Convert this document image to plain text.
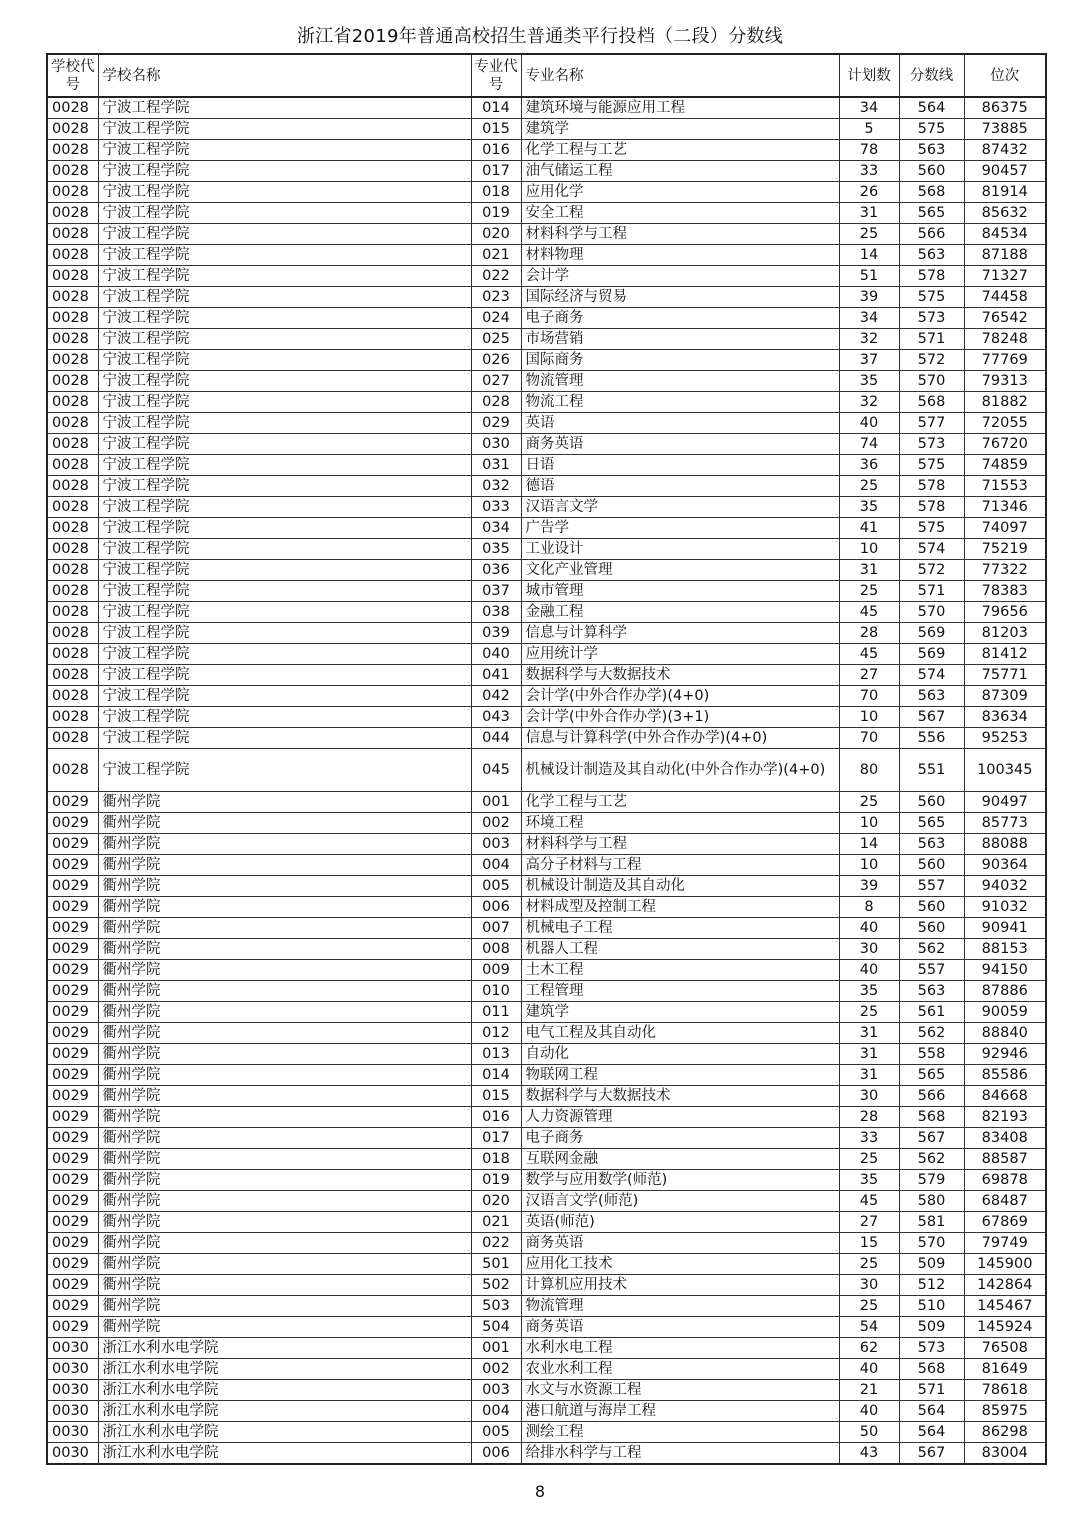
浙江省2019年普通高校招生普通类平行投档（二段）分数线
学校代号	学校名称	专业代号	专业名称	计划数	分数线	位次
0028	宁波工程学院	014	建筑环境与能源应用工程	34	564	86375
0028	宁波工程学院	015	建筑学	5	575	73885
0028	宁波工程学院	016	化学工程与工艺	78	563	87432
0028	宁波工程学院	017	油气储运工程	33	560	90457
0028	宁波工程学院	018	应用化学	26	568	81914
0028	宁波工程学院	019	安全工程	31	565	85632
0028	宁波工程学院	020	材料科学与工程	25	566	84534
0028	宁波工程学院	021	材料物理	14	563	87188
0028	宁波工程学院	022	会计学	51	578	71327
0028	宁波工程学院	023	国际经济与贸易	39	575	74458
0028	宁波工程学院	024	电子商务	34	573	76542
0028	宁波工程学院	025	市场营销	32	571	78248
0028	宁波工程学院	026	国际商务	37	572	77769
0028	宁波工程学院	027	物流管理	35	570	79313
0028	宁波工程学院	028	物流工程	32	568	81882
0028	宁波工程学院	029	英语	40	577	72055
0028	宁波工程学院	030	商务英语	74	573	76720
0028	宁波工程学院	031	日语	36	575	74859
0028	宁波工程学院	032	德语	25	578	71553
0028	宁波工程学院	033	汉语言文学	35	578	71346
0028	宁波工程学院	034	广告学	41	575	74097
0028	宁波工程学院	035	工业设计	10	574	75219
0028	宁波工程学院	036	文化产业管理	31	572	77322
0028	宁波工程学院	037	城市管理	25	571	78383
0028	宁波工程学院	038	金融工程	45	570	79656
0028	宁波工程学院	039	信息与计算科学	28	569	81203
0028	宁波工程学院	040	应用统计学	45	569	81412
0028	宁波工程学院	041	数据科学与大数据技术	27	574	75771
0028	宁波工程学院	042	会计学(中外合作办学)(4+0)	70	563	87309
0028	宁波工程学院	043	会计学(中外合作办学)(3+1)	10	567	83634
0028	宁波工程学院	044	信息与计算科学(中外合作办学)(4+0)	70	556	95253
0028	宁波工程学院	045	机械设计制造及其自动化(中外合作办学)(4+0)	80	551	100345
0029	衢州学院	001	化学工程与工艺	25	560	90497
0029	衢州学院	002	环境工程	10	565	85773
0029	衢州学院	003	材料科学与工程	14	563	88088
0029	衢州学院	004	高分子材料与工程	10	560	90364
0029	衢州学院	005	机械设计制造及其自动化	39	557	94032
0029	衢州学院	006	材料成型及控制工程	8	560	91032
0029	衢州学院	007	机械电子工程	40	560	90941
0029	衢州学院	008	机器人工程	30	562	88153
0029	衢州学院	009	土木工程	40	557	94150
0029	衢州学院	010	工程管理	35	563	87886
0029	衢州学院	011	建筑学	25	561	90059
0029	衢州学院	012	电气工程及其自动化	31	562	88840
0029	衢州学院	013	自动化	31	558	92946
0029	衢州学院	014	物联网工程	31	565	85586
0029	衢州学院	015	数据科学与大数据技术	30	566	84668
0029	衢州学院	016	人力资源管理	28	568	82193
0029	衢州学院	017	电子商务	33	567	83408
0029	衢州学院	018	互联网金融	25	562	88587
0029	衢州学院	019	数学与应用数学(师范)	35	579	69878
0029	衢州学院	020	汉语言文学(师范)	45	580	68487
0029	衢州学院	021	英语(师范)	27	581	67869
0029	衢州学院	022	商务英语	15	570	79749
0029	衢州学院	501	应用化工技术	25	509	145900
0029	衢州学院	502	计算机应用技术	30	512	142864
0029	衢州学院	503	物流管理	25	510	145467
0029	衢州学院	504	商务英语	54	509	145924
0030	浙江水利水电学院	001	水利水电工程	62	573	76508
0030	浙江水利水电学院	002	农业水利工程	40	568	81649
0030	浙江水利水电学院	003	水文与水资源工程	21	571	78618
0030	浙江水利水电学院	004	港口航道与海岸工程	40	564	85975
0030	浙江水利水电学院	005	测绘工程	50	564	86298
0030	浙江水利水电学院	006	给排水科学与工程	43	567	83004
8
